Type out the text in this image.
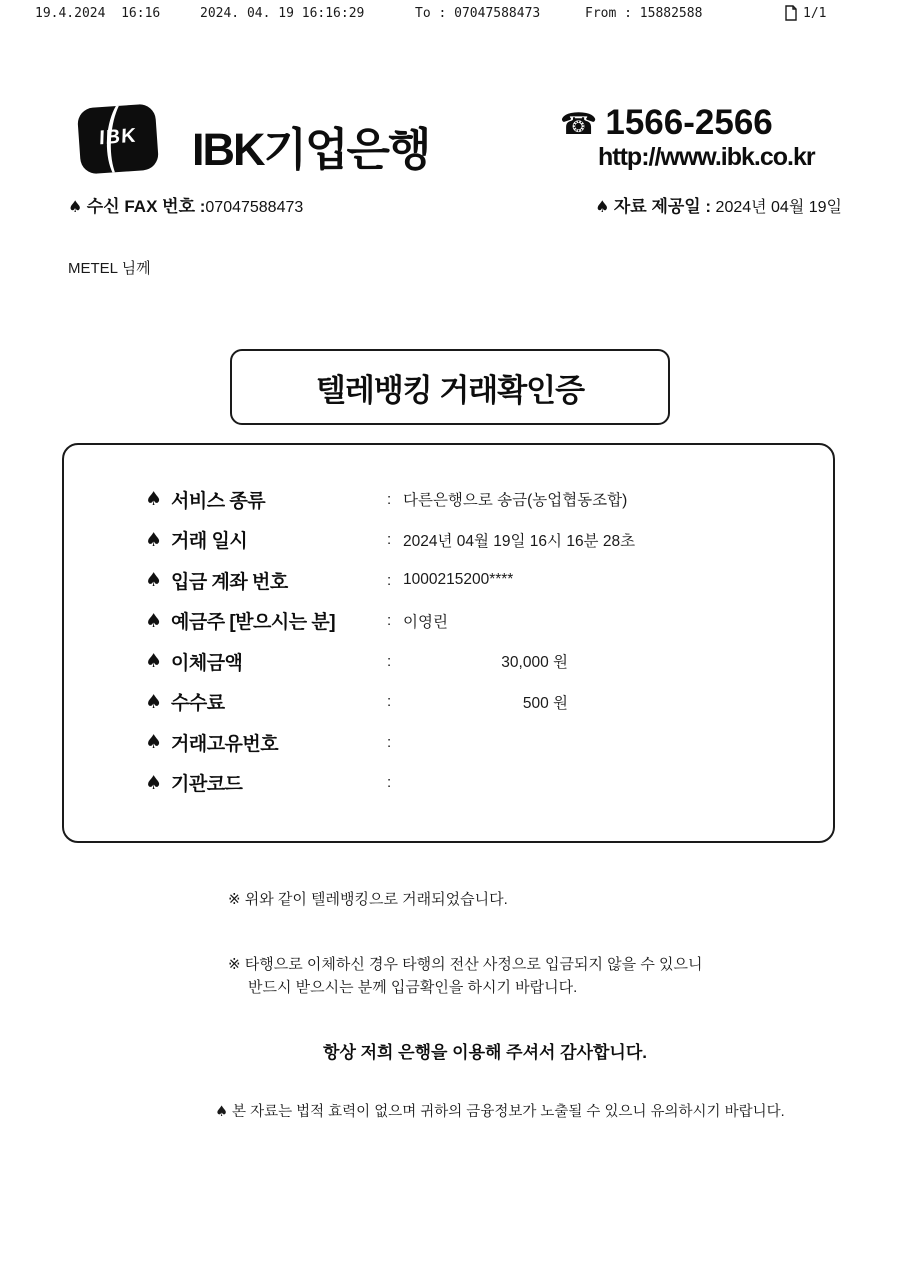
19.4.2024  16:16	2024. 04. 19 16:16:29	To : 07047588473	From : 15882588	1/1
IBK	IBK기업은행	☎ 1566-2566
http://www.ibk.co.kr
♠ 수신 FAX 번호 :07047588473	♠ 자료 제공일 : 2024년 04월 19일
METEL 님께
텔레뱅킹 거래확인증
♠ 서비스 종류	: 다른은행으로 송금(농업협동조합)
♠ 거래 일시	: 2024년 04월 19일 16시 16분 28초
♠ 입금 계좌 번호	: 1000215200****
♠ 예금주 [받으시는 분]	: 이영린
♠ 이체금액	:	30,000 원
♠ 수수료	:	500 원
♠ 거래고유번호	:
♠ 기관코드	:
※ 위와 같이 텔레뱅킹으로 거래되었습니다.
※ 타행으로 이체하신 경우 타행의 전산 사정으로 입금되지 않을 수 있으니
반드시 받으시는 분께 입금확인을 하시기 바랍니다.
항상 저희 은행을 이용해 주셔서 감사합니다.
♠ 본 자료는 법적 효력이 없으며 귀하의 금융정보가 노출될 수 있으니 유의하시기 바랍니다.
